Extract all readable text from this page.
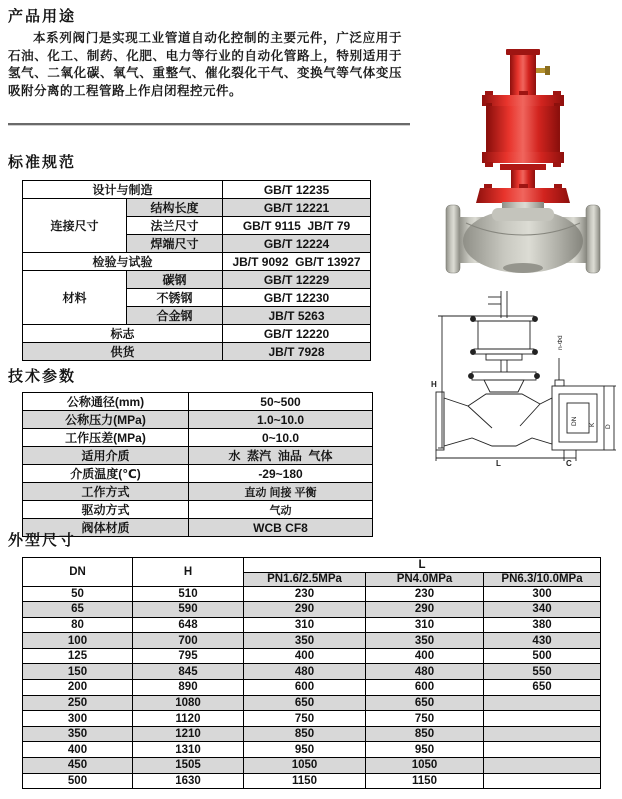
产品用途

本系列阀门是实现工业管道自动化控制的主要元件，广泛应用于石油、化工、制药、化肥、电力等行业的自动化管路上，特别适用于氢气、二氧化碳、氧气、重整气、催化裂化干气、变换气等气体变压吸附分离的工程管路上作启闭程控元件。

标准规范
设计与制造		GB/T 12235
连接尺寸	结构长度	GB/T 12221
	法兰尺寸	GB/T 9115  JB/T 79
	焊端尺寸	GB/T 12224
检验与试验		JB/T 9092  GB/T 13927
材料	碳钢	GB/T 12229
	不锈钢	GB/T 12230
	合金钢	JB/T 5263
标志		GB/T 12220
供货		JB/T 7928
技术参数
公称通径(mm)	50~500
公称压力(MPa)	1.0~10.0
工作压差(MPa)	0~10.0
适用介质	水  蒸汽  油品  气体
介质温度(℃)	-29~180
工作方式	直动 间接 平衡
驱动方式	气动
阀体材质	WCB CF8
外型尺寸
DN	H	L		
		PN1.6/2.5MPa	PN4.0MPa	PN6.3/10.0MPa
50	510	230	230	300
65	590	290	290	340
80	648	310	310	380
100	700	350	350	430
125	795	400	400	500
150	845	480	480	550
200	890	600	600	650
250	1080	650	650	
300	1120	750	750	
350	1210	850	850	
400	1310	950	950	
450	1505	1050	1050	
500	1630	1150	1150	
H
L	C
n-Φd
DN K D
